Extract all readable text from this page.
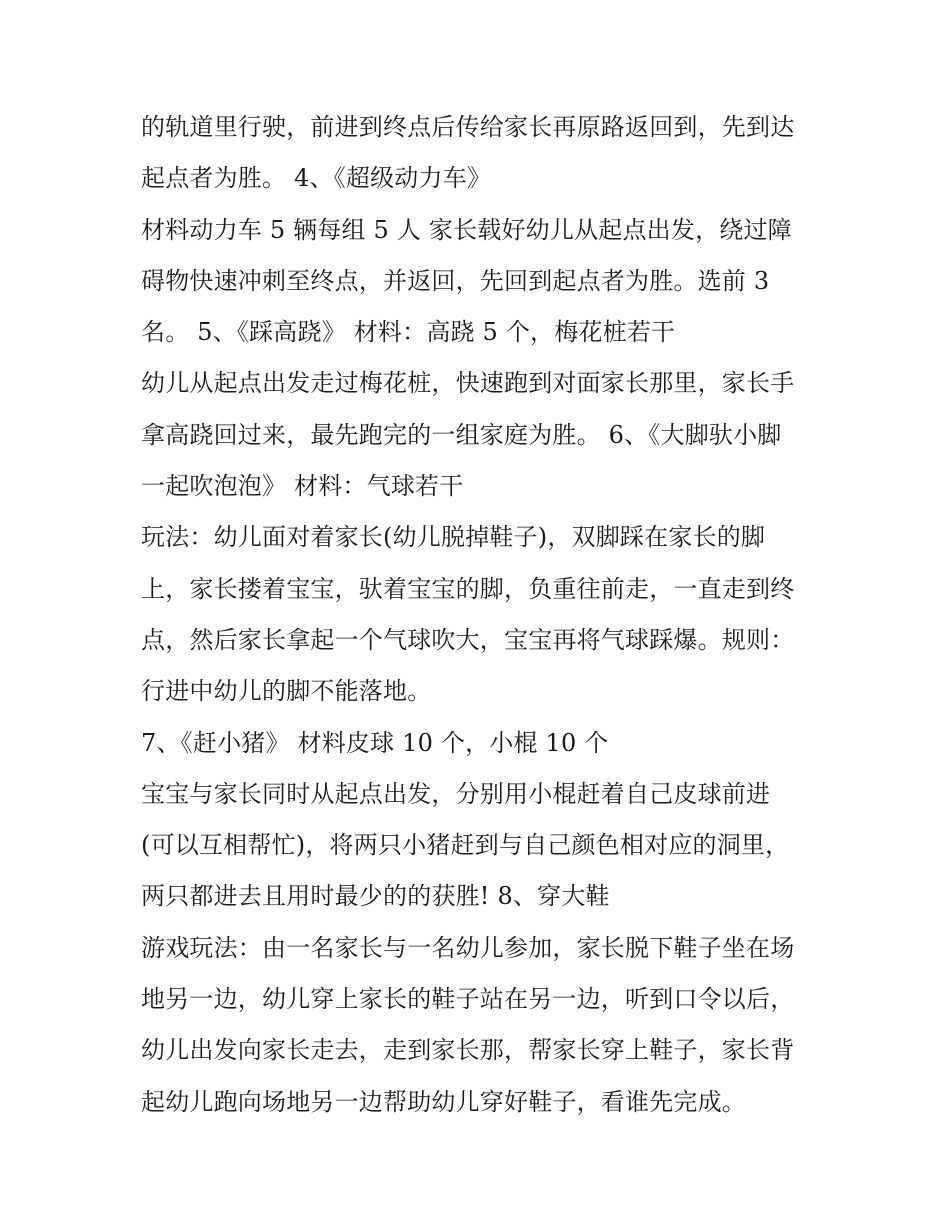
的轨道里行驶，前进到终点后传给家长再原路返回到，先到达
起点者为胜。 4、《超级动力车》
材料动力车 5 辆每组 5 人 家长载好幼儿从起点出发，绕过障
碍物快速冲刺至终点，并返回，先回到起点者为胜。选前 3
名。 5、《踩高跷》 材料：高跷 5 个，梅花桩若干
幼儿从起点出发走过梅花桩，快速跑到对面家长那里，家长手
拿高跷回过来，最先跑完的一组家庭为胜。 6、《大脚驮小脚
一起吹泡泡》 材料：气球若干
玩法：幼儿面对着家长(幼儿脱掉鞋子)，双脚踩在家长的脚
上，家长搂着宝宝，驮着宝宝的脚，负重往前走，一直走到终
点，然后家长拿起一个气球吹大，宝宝再将气球踩爆。规则：
行进中幼儿的脚不能落地。
7、《赶小猪》 材料皮球 10 个，小棍 10 个
宝宝与家长同时从起点出发，分别用小棍赶着自己皮球前进
(可以互相帮忙)，将两只小猪赶到与自己颜色相对应的洞里，
两只都进去且用时最少的的获胜! 8、穿大鞋
游戏玩法：由一名家长与一名幼儿参加，家长脱下鞋子坐在场
地另一边，幼儿穿上家长的鞋子站在另一边，听到口令以后，
幼儿出发向家长走去，走到家长那，帮家长穿上鞋子，家长背
起幼儿跑向场地另一边帮助幼儿穿好鞋子，看谁先完成。
